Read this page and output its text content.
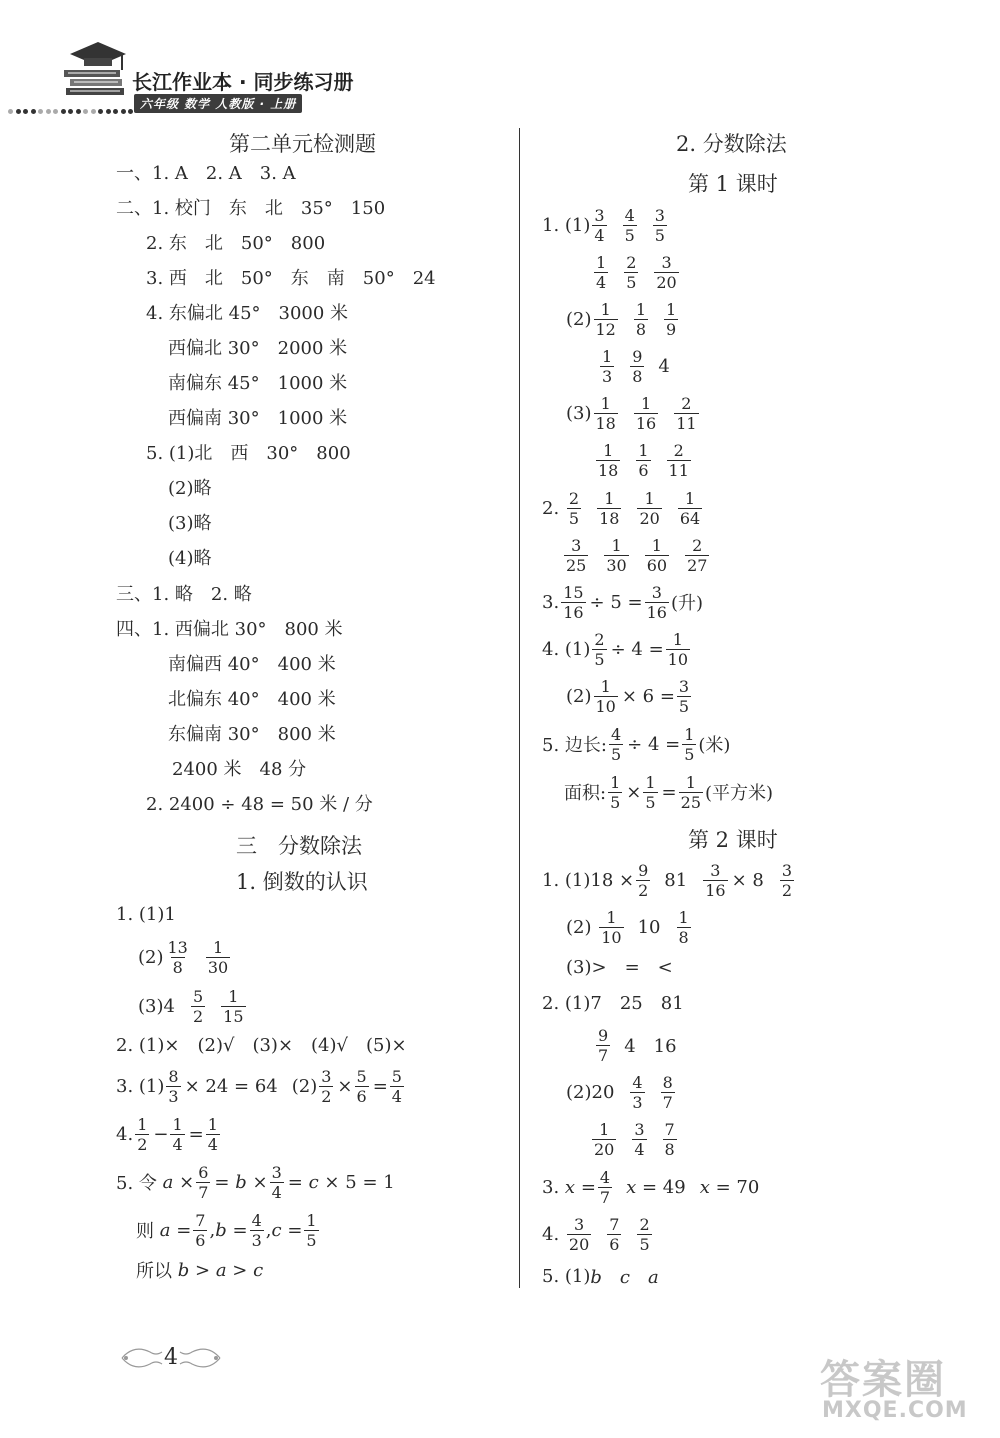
长江作业本 · 同步练习册
六年级 数学 人教版 · 上册
第二单元检测题
一、1. A　2. A　3. A
二、1. 校门　东　北　35°　150
2. 东　北　50°　800
3. 西　北　50°　东　南　50°　24
4. 东偏北 45°　3000 米
西偏北 30°　2000 米
南偏东 45°　1000 米
西偏南 30°　1000 米
5. (1)北　西　30°　800
(2)略
(3)略
(4)略
三、1. 略　2. 略
四、1. 西偏北 30°　800 米
南偏西 40°　400 米
北偏东 40°　400 米
东偏南 30°　800 米
2400 米　48 分
2. 2400 ÷ 48 = 50 米 / 分
三　分数除法
1. 倒数的认识
1. (1)1
$(2) \frac{13}{8} \frac{1}{30}$
$(3)4 \frac{5}{2} \frac{1}{15}$
2. (1)×　(2)√　(3)×　(4)√　(5)×
3. $(1) \frac{8}{3} \times 24 = 64$ $(2) \frac{3}{2} \times \frac{5}{6} = \frac{5}{4}$
4. $\frac{1}{2} - \frac{1}{4} = \frac{1}{4}$
5. 令
a
× $\frac{6}{7}$ =
b
× $\frac{3}{4}$ =
c
×
5
=
1
则
a
= $\frac{7}{6}$ , b
= $\frac{4}{3}$ , c
= $\frac{1}{5}$
所以
b
>
a
>
c
2. 分数除法
第 1 课时
1. $(1) \frac{3}{4} \frac{4}{5} \frac{3}{5}$
$\frac{1}{4} \frac{2}{5} \frac{3}{20}$
$(2) \frac{1}{12} \frac{1}{8} \frac{1}{9}$
$\frac{1}{3} \frac{9}{8} 4$
$(3) \frac{1}{18} \frac{1}{16} \frac{2}{11}$
$\frac{1}{18} \frac{1}{6} \frac{2}{11}$
2.
$\frac{2}{5} \frac{1}{18} \frac{1}{20} \frac{1}{64}$
$\frac{3}{25} \frac{1}{30} \frac{1}{60} \frac{2}{27}$
3. $\frac{15}{16} \div 5 = \frac{3}{16}$ (升)
4. $(1) \frac{2}{5} \div 4 = \frac{1}{10}$
$(2) \frac{1}{10} \times 6 = \frac{3}{5}$
5. 边长: $\frac{4}{5} \div 4 = \frac{1}{5}$ (米)
面积: $\frac{1}{5} \times \frac{1}{5} = \frac{1}{25}$ (平方米)
第 2 课时
1. $(1)18 \times \frac{9}{2} 81 \frac{3}{16} \times 8 \frac{3}{2}$
(2)
$\frac{1}{10} 10 \frac{1}{8}$
(3)>　=　<
2. (1)7　25　81
$\frac{9}{7} 4$　16
$(2)20 \frac{4}{3} \frac{8}{7}$
$\frac{1}{20} \frac{3}{4} \frac{7}{8}$
3.
x
= $\frac{4}{7}$ x
= 49 x
= 70
4.
$\frac{3}{20} \frac{7}{6} \frac{2}{5}$
5. (1) b　c　a
4	答案圈
MXQE.COM
